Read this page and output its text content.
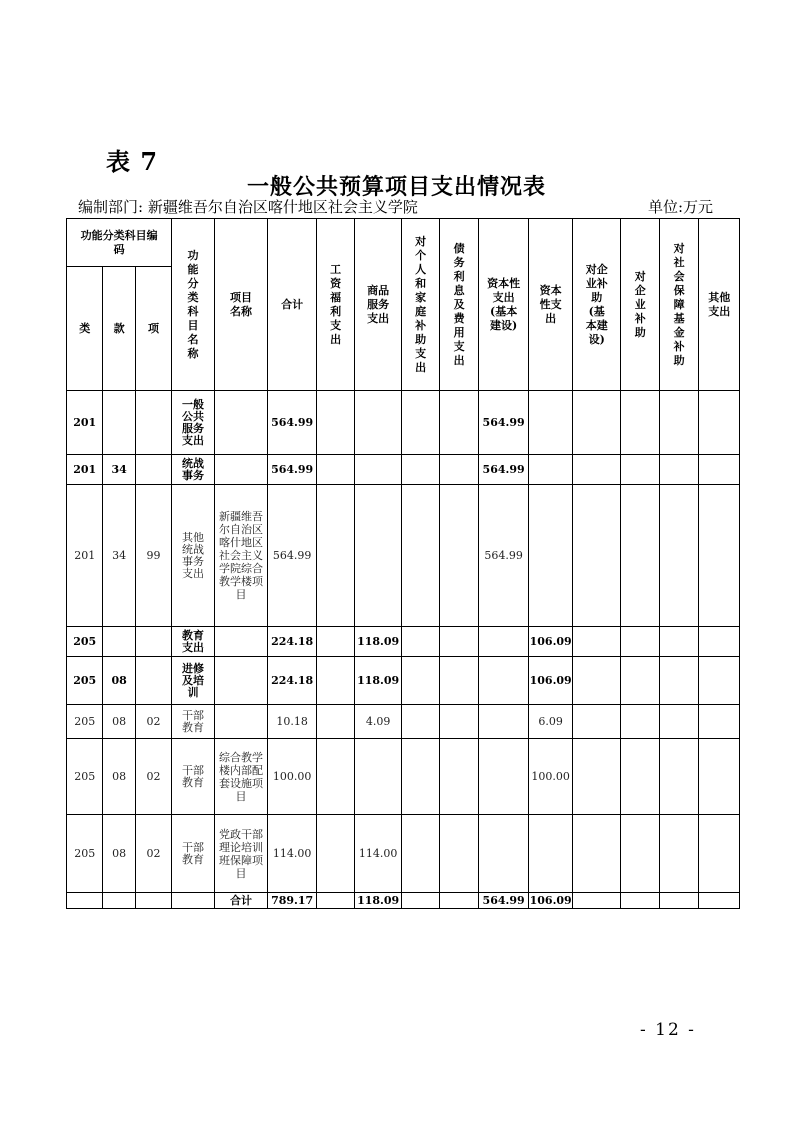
表 7
一般公共预算项目支出情况表
编制部门: 新疆维吾尔自治区喀什地区社会主义学院	单位:万元
功能分类科目编码			功能分类科目名称	项目名称	合计	工资福利支出	商品服务支出	对个人和家庭补助支出	债务利息及费用支出	资本性支出(基本建设)	资本性支出	对企业补助(基本建设)	对企业补助	对社会保障基金补助	其他支出
类	款	项													
201			一般公共服务支出		564.99					564.99					
201	34		统战事务		564.99					564.99					
201	34	99	其他统战事务支出	新疆维吾尔自治区喀什地区社会主义学院综合教学楼项目	564.99					564.99					
205			教育支出		224.18		118.09				106.09				
205	08		进修及培训		224.18		118.09				106.09				
205	08	02	干部教育		10.18		4.09				6.09				
205	08	02	干部教育	综合教学楼内部配套设施项目	100.00						100.00				
205	08	02	干部教育	党政干部理论培训班保障项目	114.00		114.00								
				合计	789.17		118.09			564.99	106.09				
- 12 -
